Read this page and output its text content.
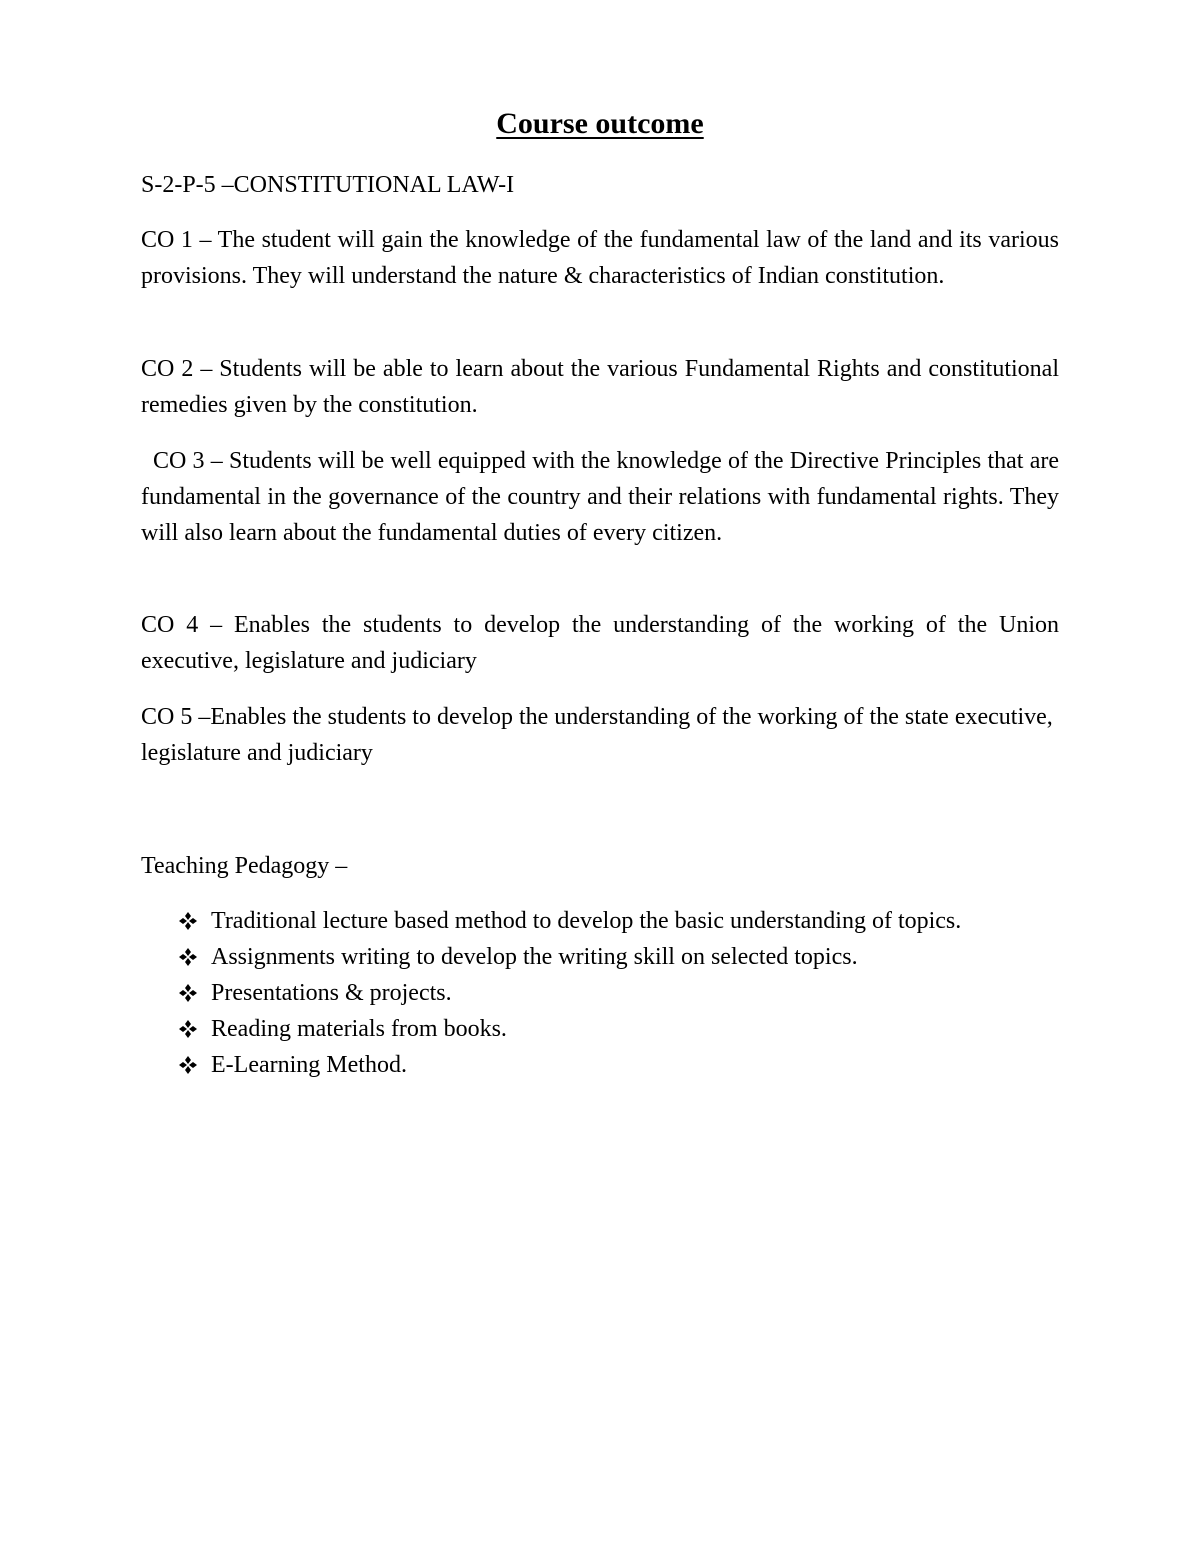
Course outcome

S-2-P-5 –CONSTITUTIONAL LAW-I

CO 1 – The student will gain the knowledge of the fundamental law of the land and its various provisions. They will understand the nature & characteristics of Indian constitution.

CO 2 – Students will be able to learn about the various Fundamental Rights and constitutional remedies given by the constitution.

CO 3 – Students will be well equipped with the knowledge of the Directive Principles that are fundamental in the governance of the country and their relations with fundamental rights. They will also learn about the fundamental duties of every citizen.

CO 4 – Enables the students to develop the understanding of the working of the Union executive, legislature and judiciary

CO 5 –Enables the students to develop the understanding of the working of the state executive, legislature and judiciary

Teaching Pedagogy –

Traditional lecture based method to develop the basic understanding of topics.
Assignments writing to develop the writing skill on selected topics.
Presentations & projects.
Reading materials from books.
E-Learning Method.
